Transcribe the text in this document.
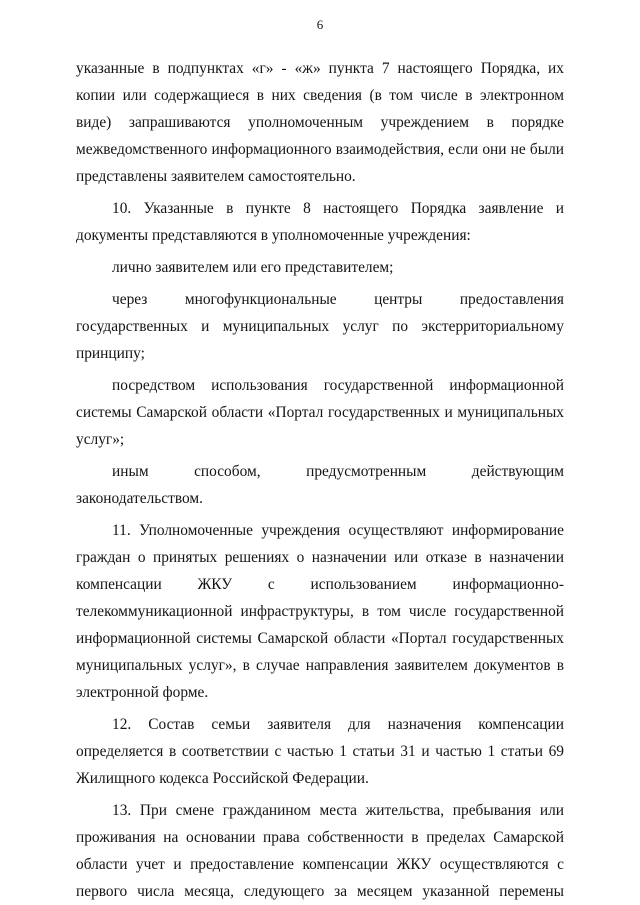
6
указанные в подпунктах «г» - «ж» пункта 7 настоящего Порядка, их
копии или содержащиеся в них сведения (в том числе в электронном
виде) запрашиваются уполномоченным учреждением в порядке
межведомственного информационного взаимодействия, если они не были
представлены заявителем самостоятельно.
10. Указанные в пункте 8 настоящего Порядка заявление и
документы представляются в уполномоченные учреждения:
лично заявителем или его представителем;
через многофункциональные центры предоставления
государственных и муниципальных услуг по экстерриториальному
принципу;
посредством использования государственной информационной
системы Самарской области «Портал государственных и муниципальных
услуг»;
иным способом, предусмотренным действующим
законодательством.
11. Уполномоченные учреждения осуществляют информирование
граждан о принятых решениях о назначении или отказе в назначении
компенсации ЖКУ с использованием информационно-
телекоммуникационной инфраструктуры, в том числе государственной
информационной системы Самарской области «Портал государственных
муниципальных услуг», в случае направления заявителем документов в
электронной форме.
12. Состав семьи заявителя для назначения компенсации
определяется в соответствии с частью 1 статьи 31 и частью 1 статьи 69
Жилищного кодекса Российской Федерации.
13. При смене гражданином места жительства, пребывания или
проживания на основании права собственности в пределах Самарской
области учет и предоставление компенсации ЖКУ осуществляются с
первого числа месяца, следующего за месяцем указанной перемены
